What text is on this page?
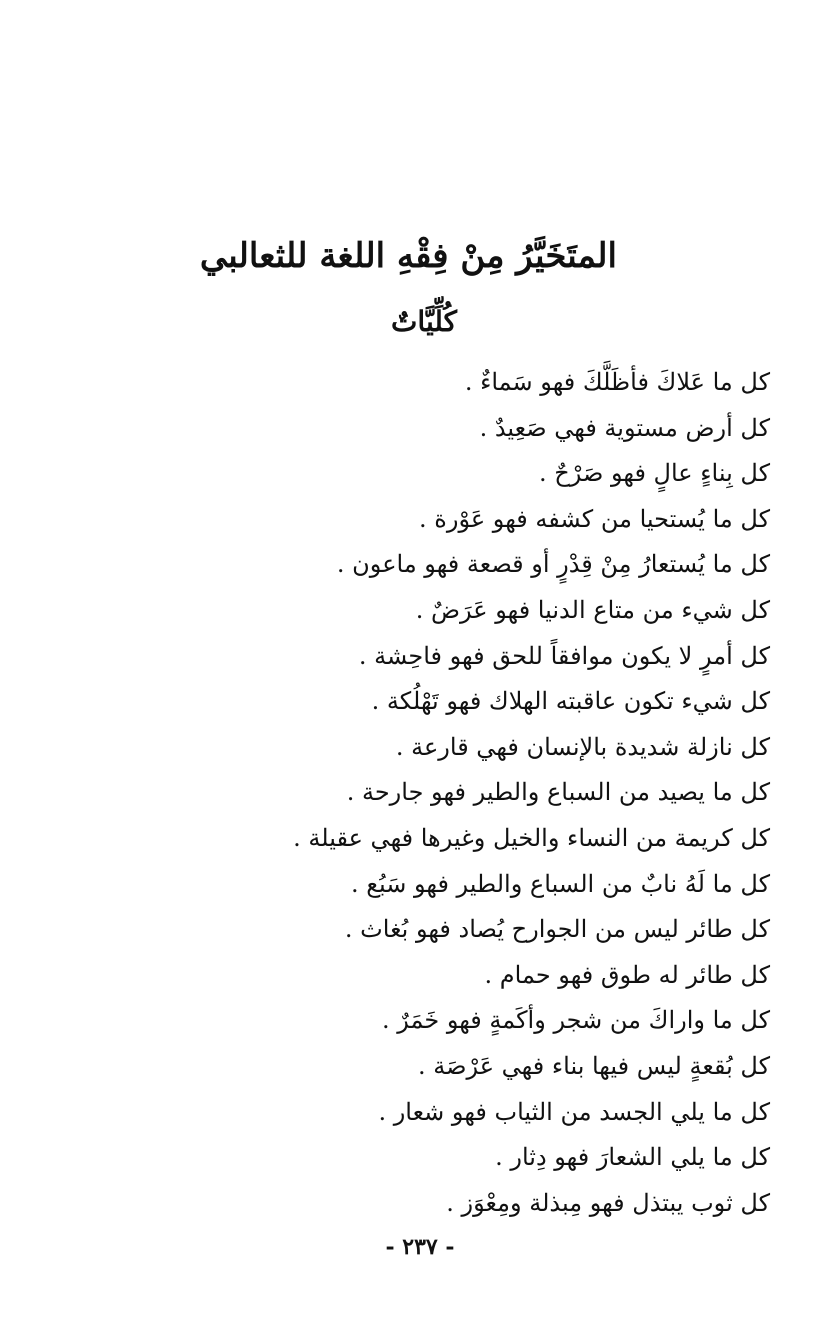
المتَخَيَّرُ مِنْ فِقْهِ اللغة للثعالبي
كُلِّيَّاتٌ
كل ما عَلاكَ فأظَلَّكَ فهو سَماءٌ .
كل أرض مستوية فهي صَعِيدٌ .
كل بِناءٍ عالٍ فهو صَرْحٌ .
كل ما يُستحيا من كشفه فهو عَوْرة .
كل ما يُستعارُ مِنْ قِدْرٍ أو قصعة فهو ماعون .
كل شيء من متاع الدنيا فهو عَرَضٌ .
كل أمرٍ لا يكون موافقاً للحق فهو فاحِشة .
كل شيء تكون عاقبته الهلاك فهو تَهْلُكة .
كل نازلة شديدة بالإنسان فهي قارعة .
كل ما يصيد من السباع والطير فهو جارحة .
كل كريمة من النساء والخيل وغيرها فهي عقيلة .
كل ما لَهُ نابٌ من السباع والطير فهو سَبُع .
كل طائر ليس من الجوارح يُصاد فهو بُغاث .
كل طائر له طوق فهو حمام .
كل ما واراكَ من شجر وأكَمةٍ فهو خَمَرٌ .
كل بُقعةٍ ليس فيها بناء فهي عَرْصَة .
كل ما يلي الجسد من الثياب فهو شعار .
كل ما يلي الشعارَ فهو دِثار .
كل ثوب يبتذل فهو مِبذلة ومِعْوَز .
- ٢٣٧ -
